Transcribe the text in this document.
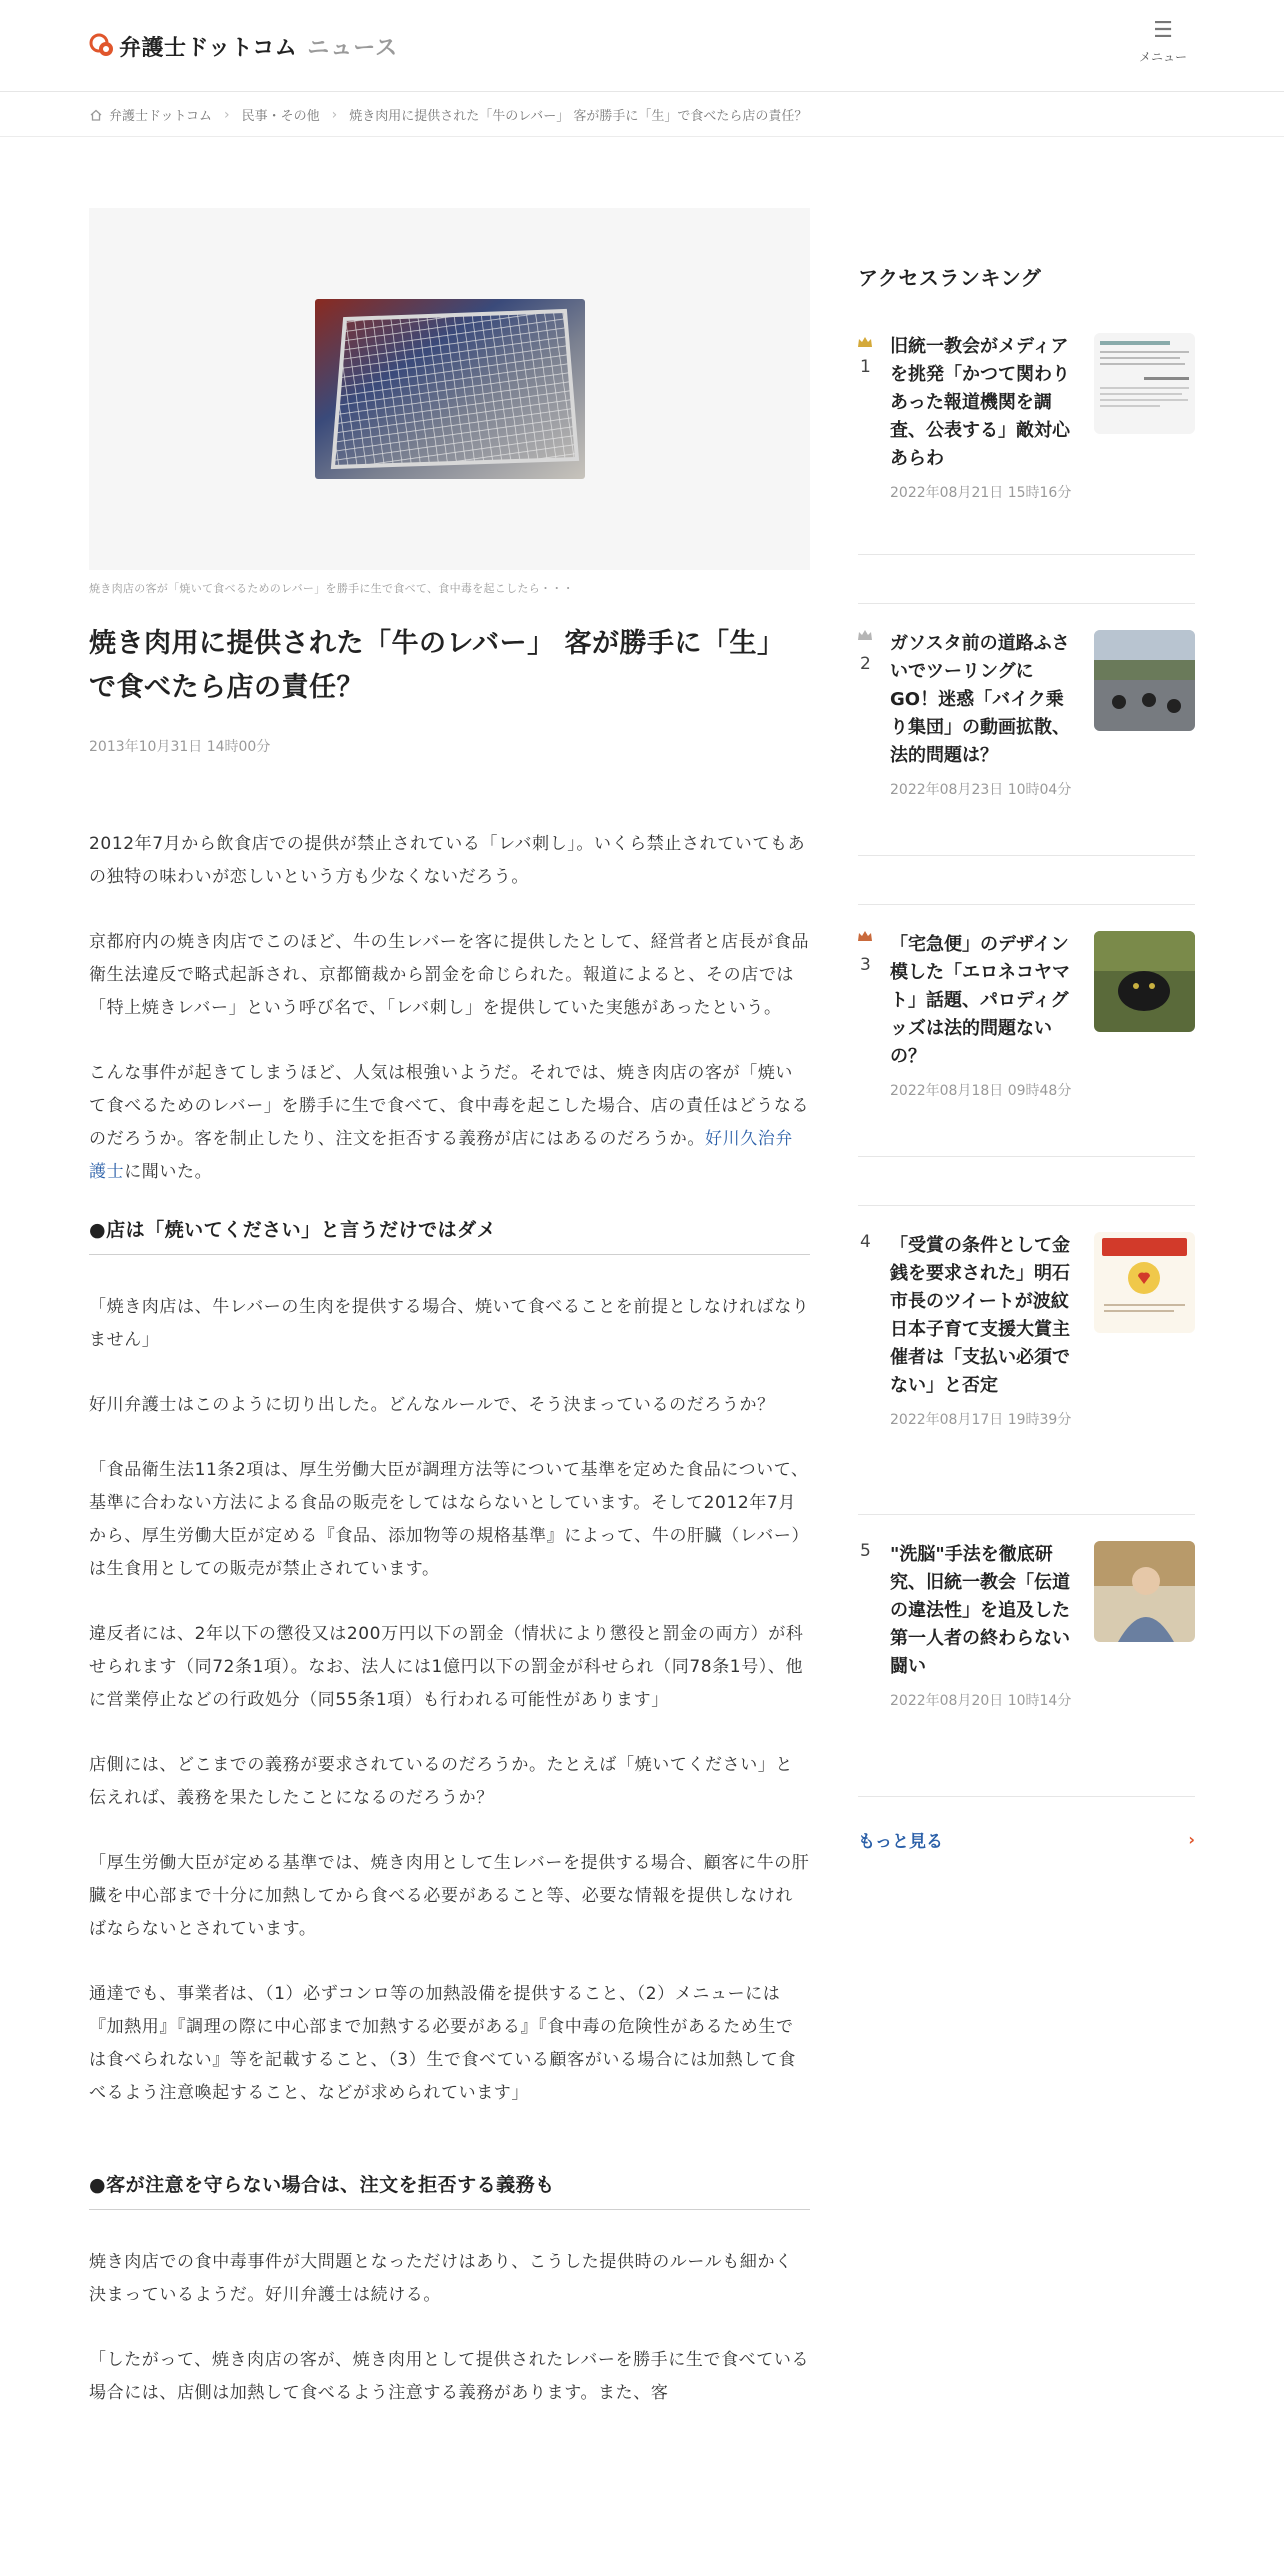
弁護士ドットコム ニュース
☰
メニュー
弁護士ドットコム › 民事・その他 › 焼き肉用に提供された「牛のレバー」 客が勝手に「生」で食べたら店の責任？
焼き肉店の客が「焼いて食べるためのレバー」を勝手に生で食べて、食中毒を起こしたら・・・
焼き肉用に提供された「牛のレバー」 客が勝手に「生」で食べたら店の責任？
2013年10月31日 14時00分

2012年7月から飲食店での提供が禁止されている「レバ刺し」。いくら禁止されていてもあの独特の味わいが恋しいという方も少なくないだろう。

京都府内の焼き肉店でこのほど、牛の生レバーを客に提供したとして、経営者と店長が食品衛生法違反で略式起訴され、京都簡裁から罰金を命じられた。報道によると、その店では「特上焼きレバー」という呼び名で、「レバ刺し」を提供していた実態があったという。

こんな事件が起きてしまうほど、人気は根強いようだ。それでは、焼き肉店の客が「焼いて食べるためのレバー」を勝手に生で食べて、食中毒を起こした場合、店の責任はどうなるのだろうか。客を制止したり、注文を拒否する義務が店にはあるのだろうか。好川久治弁護士に聞いた。

●店は「焼いてください」と言うだけではダメ

「焼き肉店は、牛レバーの生肉を提供する場合、焼いて食べることを前提としなければなりません」

好川弁護士はこのように切り出した。どんなルールで、そう決まっているのだろうか？

「食品衛生法11条2項は、厚生労働大臣が調理方法等について基準を定めた食品について、基準に合わない方法による食品の販売をしてはならないとしています。そして2012年7月から、厚生労働大臣が定める『食品、添加物等の規格基準』によって、牛の肝臓（レバー）は生食用としての販売が禁止されています。

違反者には、2年以下の懲役又は200万円以下の罰金（情状により懲役と罰金の両方）が科せられます（同72条1項）。なお、法人には1億円以下の罰金が科せられ（同78条1号）、他に営業停止などの行政処分（同55条1項）も行われる可能性があります」

店側には、どこまでの義務が要求されているのだろうか。たとえば「焼いてください」と伝えれば、義務を果たしたことになるのだろうか？

「厚生労働大臣が定める基準では、焼き肉用として生レバーを提供する場合、顧客に牛の肝臓を中心部まで十分に加熱してから食べる必要があること等、必要な情報を提供しなければならないとされています。

通達でも、事業者は、（1）必ずコンロ等の加熱設備を提供すること、（2）メニューには『加熱用』『調理の際に中心部まで加熱する必要がある』『食中毒の危険性があるため生では食べられない』等を記載すること、（3）生で食べている顧客がいる場合には加熱して食べるよう注意喚起すること、などが求められています」

●客が注意を守らない場合は、注文を拒否する義務も

焼き肉店での食中毒事件が大問題となっただけはあり、こうした提供時のルールも細かく決まっているようだ。好川弁護士は続ける。

「したがって、焼き肉店の客が、焼き肉用として提供されたレバーを勝手に生で食べている場合には、店側は加熱して食べるよう注意する義務があります。また、客

アクセスランキング
1
旧統一教会がメディアを挑発「かつて関わりあった報道機関を調査、公表する」敵対心あらわ
2022年08月21日 15時16分
2
ガソスタ前の道路ふさいでツーリングにGO！迷惑「バイク乗り集団」の動画拡散、法的問題は？
2022年08月23日 10時04分
3
「宅急便」のデザイン模した「エロネコヤマト」話題、パロディグッズは法的問題ないの？
2022年08月18日 09時48分
4 「受賞の条件として金銭を要求された」明石市長のツイートが波紋　日本子育て支援大賞主催者は「支払い必須でない」と否定
2022年08月17日 19時39分
5 "洗脳"手法を徹底研究、旧統一教会「伝道の違法性」を追及した第一人者の終わらない闘い
2022年08月20日 10時14分
もっと見る	›
